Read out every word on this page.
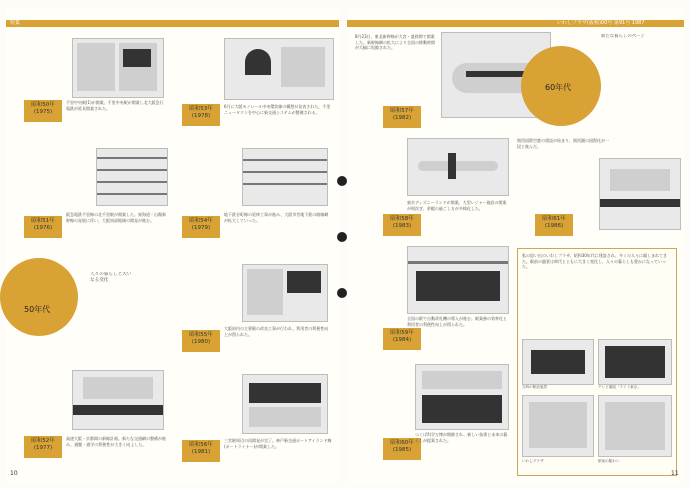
特集
昭和50年
(1975)
千里中央駅(1)が開業。千里中央駅が開業し北大阪急行電鉄が延長開業された。
昭和51年
(1976)
阪急電鉄千里線の北千里駅が開業した。東海道・山陽新幹線の発展に伴い、大阪南部地域の開発が進む。
50年代
人々の暮らしと大いなる変化
昭和52年
(1977)
高速大阪・京都間の新線計画。新たな交通網の整備が進み、通勤・通学の利便性が大きく向上した。
昭和53年
(1978)
6月に大阪モノレール中央環状線の構想が発表された。千里ニュータウンを中心に新交通システムが整備される。
昭和54年
(1979)
地下鉄谷町線の延伸工事が進み、大阪市営地下鉄の路線網が拡大していった。
昭和55年
(1980)
大阪府内の主要駅の改良工事が行われ、利用者の利便性向上が図られた。
昭和56年
(1981)
三宮駅周辺の再開発が完了。神戸新交通ポートアイランド線(ポートライナー)が開業した。
10
いわしプラザ(仮称)00号 第91号 1987
8月23日、東北新幹線が大宮・盛岡間で開業した。新幹線網の拡大により全国の移動時間が大幅に短縮された。
昭和57年
(1982)
60年代
新たな暮らしのページ
昭和58年
(1983)
東京ディズニーランドが開業。大型レジャー施設の開業が相次ぎ、余暇の過ごし方が多様化した。
関西国際空港の建設が始まり、関西圏の国際化が一段と進んだ。
昭和61年
(1986)
昭和59年
(1984)
全国の駅で自動改札機の導入が進む。駅業務の効率化と利用者の利便性向上が図られた。
昭和60年
(1985)
つくば科学万博が開催され、新しい技術と未来の暮らしが提案された。
私の思い出のいわしプラザ。昭和30年代に建設され、多くの人々に親しまれてきた。駅前の風景は時代とともに大きく変化し、人々の暮らしも豊かになっていった。
当時の駅前風景	テレビ番組「ライト東京」
いわしプラザ	駅前の賑わい
11
